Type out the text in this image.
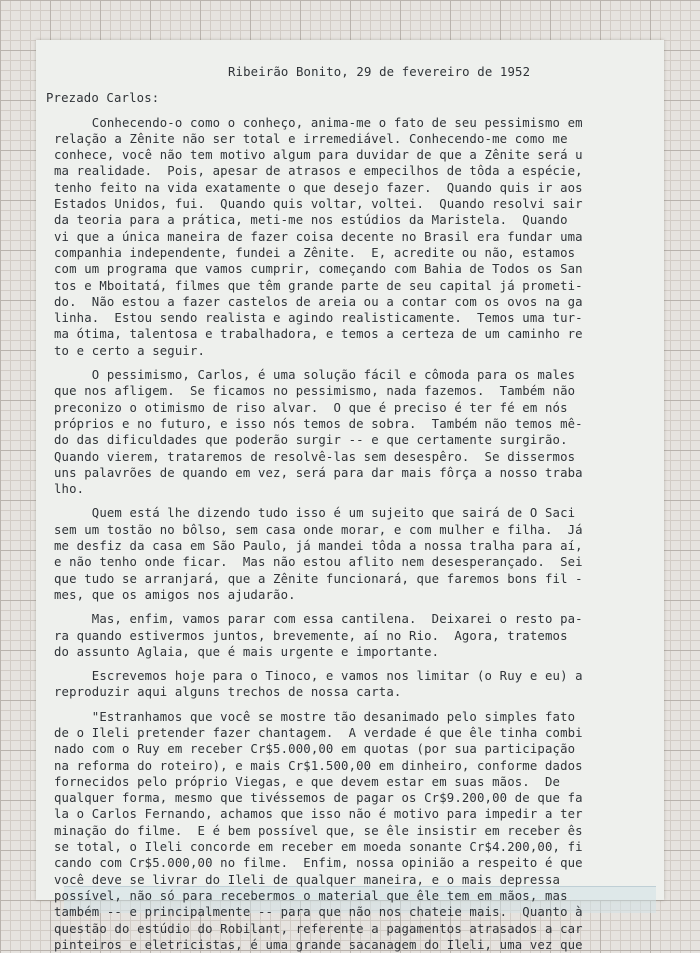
Ribeirão Bonito, 29 de fevereiro de 1952
Prezado Carlos:
Conhecendo-o como o conheço, anima-me o fato de seu pessimismo em
relação a Zênite não ser total e irremediável. Conhecendo-me como me
conhece, você não tem motivo algum para duvidar de que a Zênite será u
ma realidade.  Pois, apesar de atrasos e empecilhos de tôda a espécie,
tenho feito na vida exatamente o que desejo fazer.  Quando quis ir aos
Estados Unidos, fui.  Quando quis voltar, voltei.  Quando resolvi sair
da teoria para a prática, meti-me nos estúdios da Maristela.  Quando
vi que a única maneira de fazer coisa decente no Brasil era fundar uma
companhia independente, fundei a Zênite.  E, acredite ou não, estamos
com um programa que vamos cumprir, começando com Bahia de Todos os San
tos e Mboitatá, filmes que têm grande parte de seu capital já prometi-
do.  Não estou a fazer castelos de areia ou a contar com os ovos na ga
linha.  Estou sendo realista e agindo realisticamente.  Temos uma tur-
ma ótima, talentosa e trabalhadora, e temos a certeza de um caminho re
to e certo a seguir.
O pessimismo, Carlos, é uma solução fácil e cômoda para os males
que nos afligem.  Se ficamos no pessimismo, nada fazemos.  Também não
preconizo o otimismo de riso alvar.  O que é preciso é ter fé em nós
próprios e no futuro, e isso nós temos de sobra.  Também não temos mê-
do das dificuldades que poderão surgir -- e que certamente surgirão.
Quando vierem, trataremos de resolvê-las sem desespêro.  Se dissermos
uns palavrões de quando em vez, será para dar mais fôrça a nosso traba
lho.
Quem está lhe dizendo tudo isso é um sujeito que sairá de O Saci
sem um tostão no bôlso, sem casa onde morar, e com mulher e filha.  Já
me desfiz da casa em São Paulo, já mandei tôda a nossa tralha para aí,
e não tenho onde ficar.  Mas não estou aflito nem desesperançado.  Sei
que tudo se arranjará, que a Zênite funcionará, que faremos bons fil -
mes, que os amigos nos ajudarão.
Mas, enfim, vamos parar com essa cantilena.  Deixarei o resto pa-
ra quando estivermos juntos, brevemente, aí no Rio.  Agora, tratemos
do assunto Aglaia, que é mais urgente e importante.
Escrevemos hoje para o Tinoco, e vamos nos limitar (o Ruy e eu) a
reproduzir aqui alguns trechos de nossa carta.
"Estranhamos que você se mostre tão desanimado pelo simples fato
de o Ileli pretender fazer chantagem.  A verdade é que êle tinha combi
nado com o Ruy em receber Cr$5.000,00 em quotas (por sua participação
na reforma do roteiro), e mais Cr$1.500,00 em dinheiro, conforme dados
fornecidos pelo próprio Viegas, e que devem estar em suas mãos.  De
qualquer forma, mesmo que tivéssemos de pagar os Cr$9.200,00 de que fa
la o Carlos Fernando, achamos que isso não é motivo para impedir a ter
minação do filme.  E é bem possível que, se êle insistir em receber ês
se total, o Ileli concorde em receber em moeda sonante Cr$4.200,00, fi
cando com Cr$5.000,00 no filme.  Enfim, nossa opinião a respeito é que
você deve se livrar do Ileli de qualquer maneira, e o mais depressa
possível, não só para recebermos o material que êle tem em mãos, mas
também -- e principalmente -- para que não nos chateie mais.  Quanto à
questão do estúdio do Robilant, referente a pagamentos atrasados a car
pinteiros e eletricistas, é uma grande sacanagem do Ileli, uma vez que
